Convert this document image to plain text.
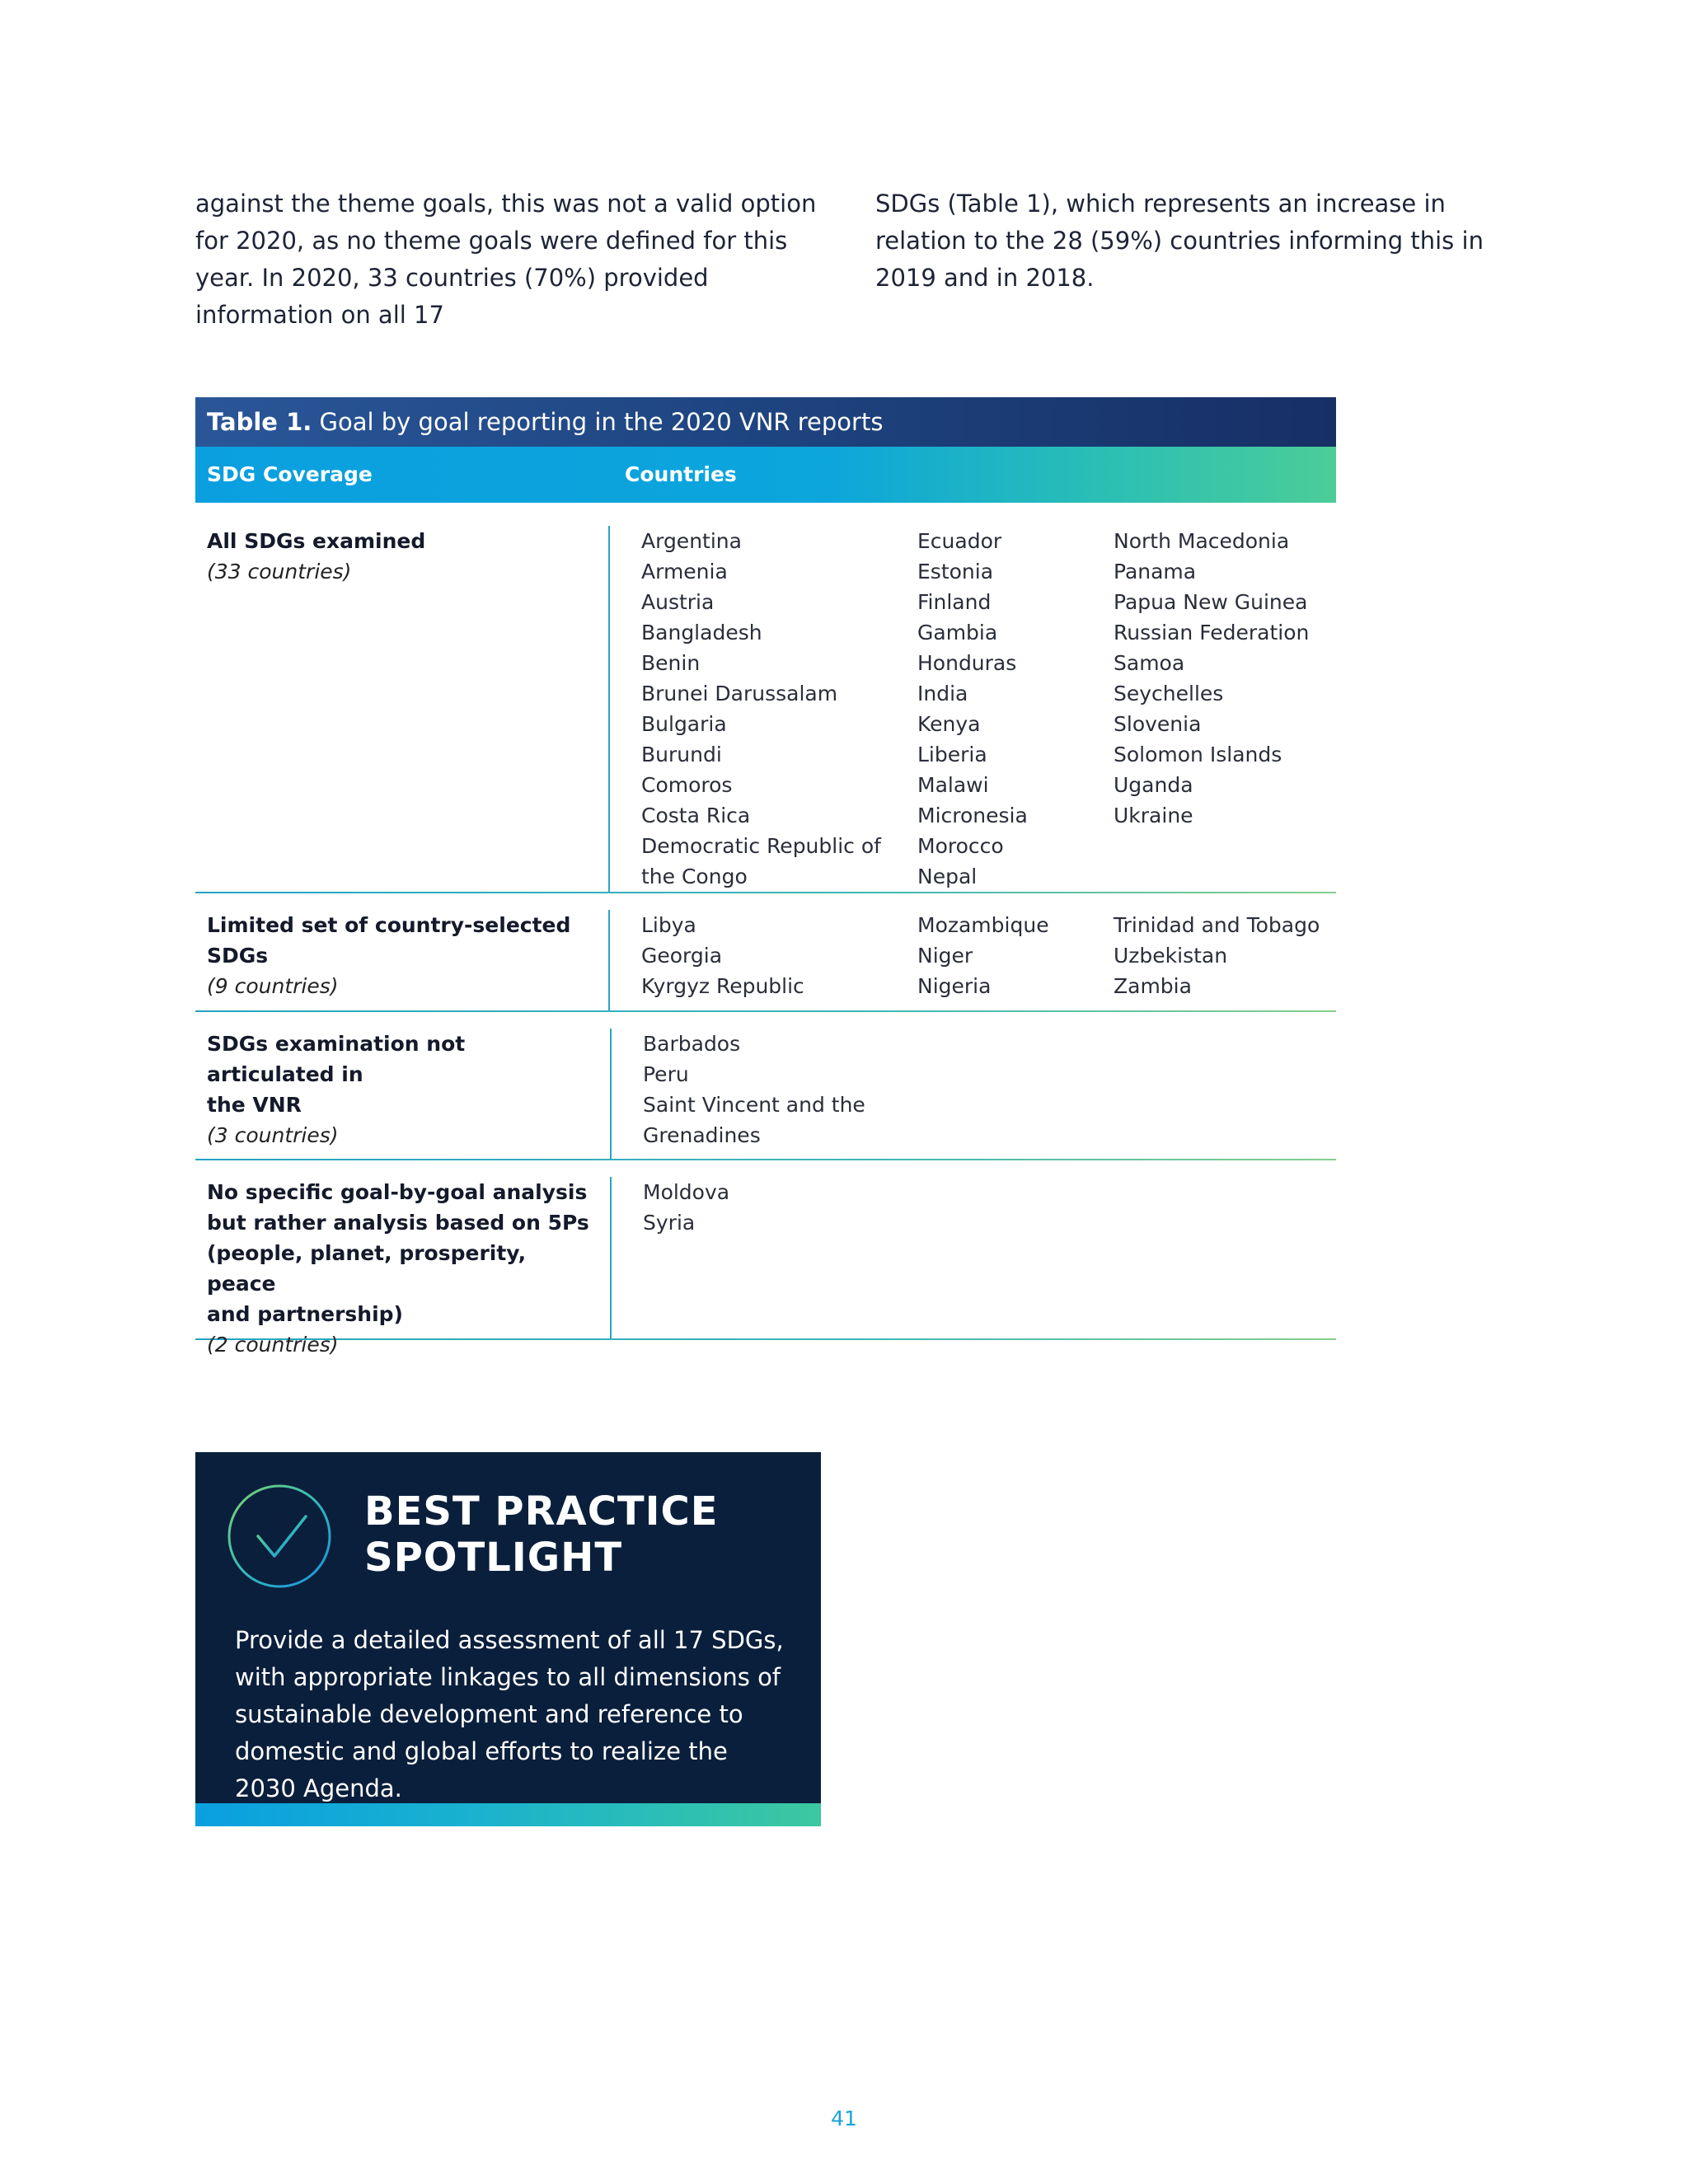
against the theme goals, this was not a valid option for 2020, as no theme goals were defined for this year. In 2020, 33 countries (70%) provided information on all 17

SDGs (Table 1), which represents an increase in relation to the 28 (59%) countries informing this in 2019 and in 2018.

Table 1. Goal by goal reporting in the 2020 VNR reports
SDG Coverage	Countries
All SDGs examined
(33 countries)
Argentina
Armenia
Austria
Bangladesh
Benin
Brunei Darussalam
Bulgaria
Burundi
Comoros
Costa Rica
Democratic Republic of
the Congo
Ecuador
Estonia
Finland
Gambia
Honduras
India
Kenya
Liberia
Malawi
Micronesia
Morocco
Nepal
North Macedonia
Panama
Papua New Guinea
Russian Federation
Samoa
Seychelles
Slovenia
Solomon Islands
Uganda
Ukraine
Limited set of country-selected SDGs
(9 countries)
Libya
Georgia
Kyrgyz Republic
Mozambique
Niger
Nigeria
Trinidad and Tobago
Uzbekistan
Zambia
SDGs examination not articulated in
the VNR
(3 countries)
Barbados
Peru
Saint Vincent and the
Grenadines
No specific goal-by-goal analysis
but rather analysis based on 5Ps
(people, planet, prosperity, peace
and partnership)
(2 countries)
Moldova
Syria
BEST PRACTICE
SPOTLIGHT
Provide a detailed assessment of all 17 SDGs, with appropriate linkages to all dimensions of sustainable development and reference to domestic and global efforts to realize the 2030 Agenda.
41
